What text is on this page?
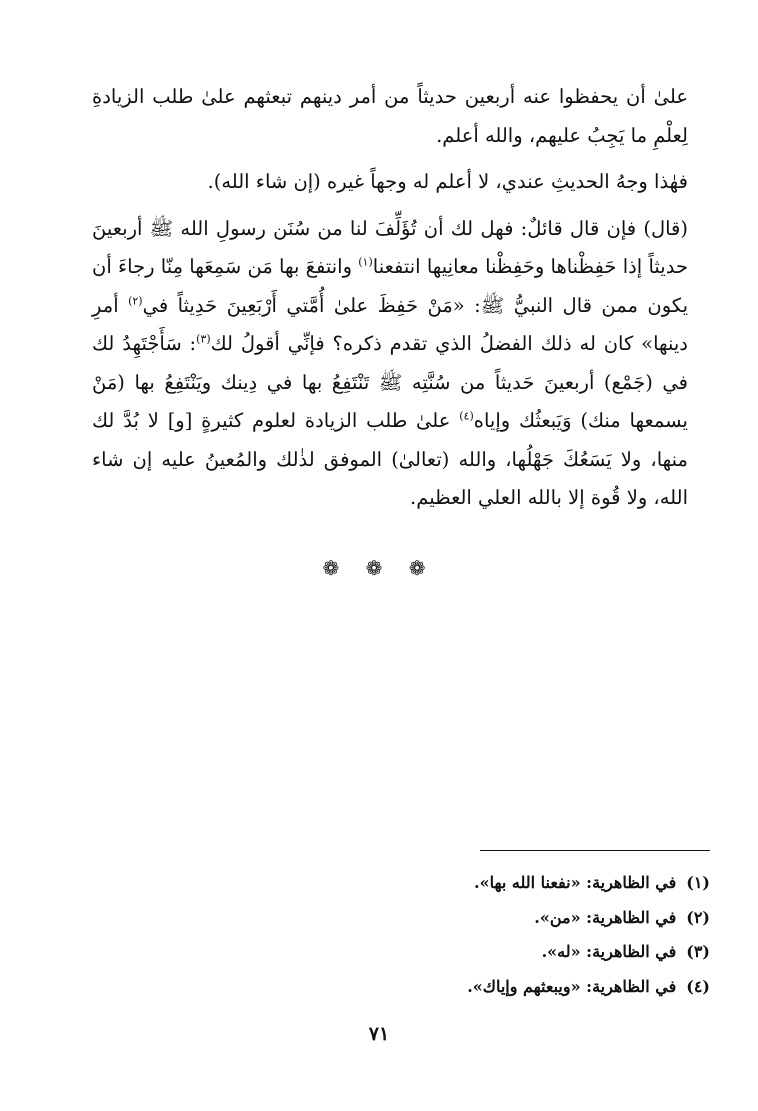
علىٰ أن يحفظوا عنه أربعين حديثاً من أمر دينهم تبعثهم علىٰ طلب الزيادةِ لِعلْمِ ما يَجِبُ عليهم، والله أعلم.

فهٰذا وجهُ الحديثِ عندي، لا أعلم له وجهاً غيره (إن شاء الله).

(قال) فإن قال قائلٌ: فهل لك أن تُؤَلِّفَ لنا من سُنَن رسولِ الله ﷺ أربعينَ حديثاً إذا حَفِظْناها وحَفِظْنا معانِيها انتفعنا$^{(١)}$ وانتفعَ بها مَن سَمِعَها مِنّا رجاءَ أن يكون ممن قال النبيُّ ﷺ: «مَنْ حَفِظَ علىٰ أُمَّتي أَرْبَعِينَ حَدِيثاً في$^{(٢)}$ أمرِ دينها» كان له ذلك الفضلُ الذي تقدم ذكره؟ فإنِّي أقولُ لك$^{(٣)}$: سَأَجْتَهِدُ لك في (جَمْع) أربعينَ حَديثاً من سُنَّتِه ﷺ تَنْتَفِعُ بها في دِينك ويَنْتَفِعُ بها (مَنْ يسمعها منك) وَيَبعثُك وإياه$^{(٤)}$ علىٰ طلب الزيادة لعلوم كثيرةٍ [و] لا بُدَّ لك منها، ولا يَسَعُكَ جَهْلُها، والله (تعالىٰ) الموفق لذٰلك والمُعينُ عليه إن شاء الله، ولا قُوة إلا بالله العلي العظيم.

❁ ❁ ❁

(١)في الظاهرية: «نفعنا الله بها».

(٢)في الظاهرية: «من».

(٣)في الظاهرية: «له».

(٤)في الظاهرية: «ويبعثهم وإياك».

٧١
